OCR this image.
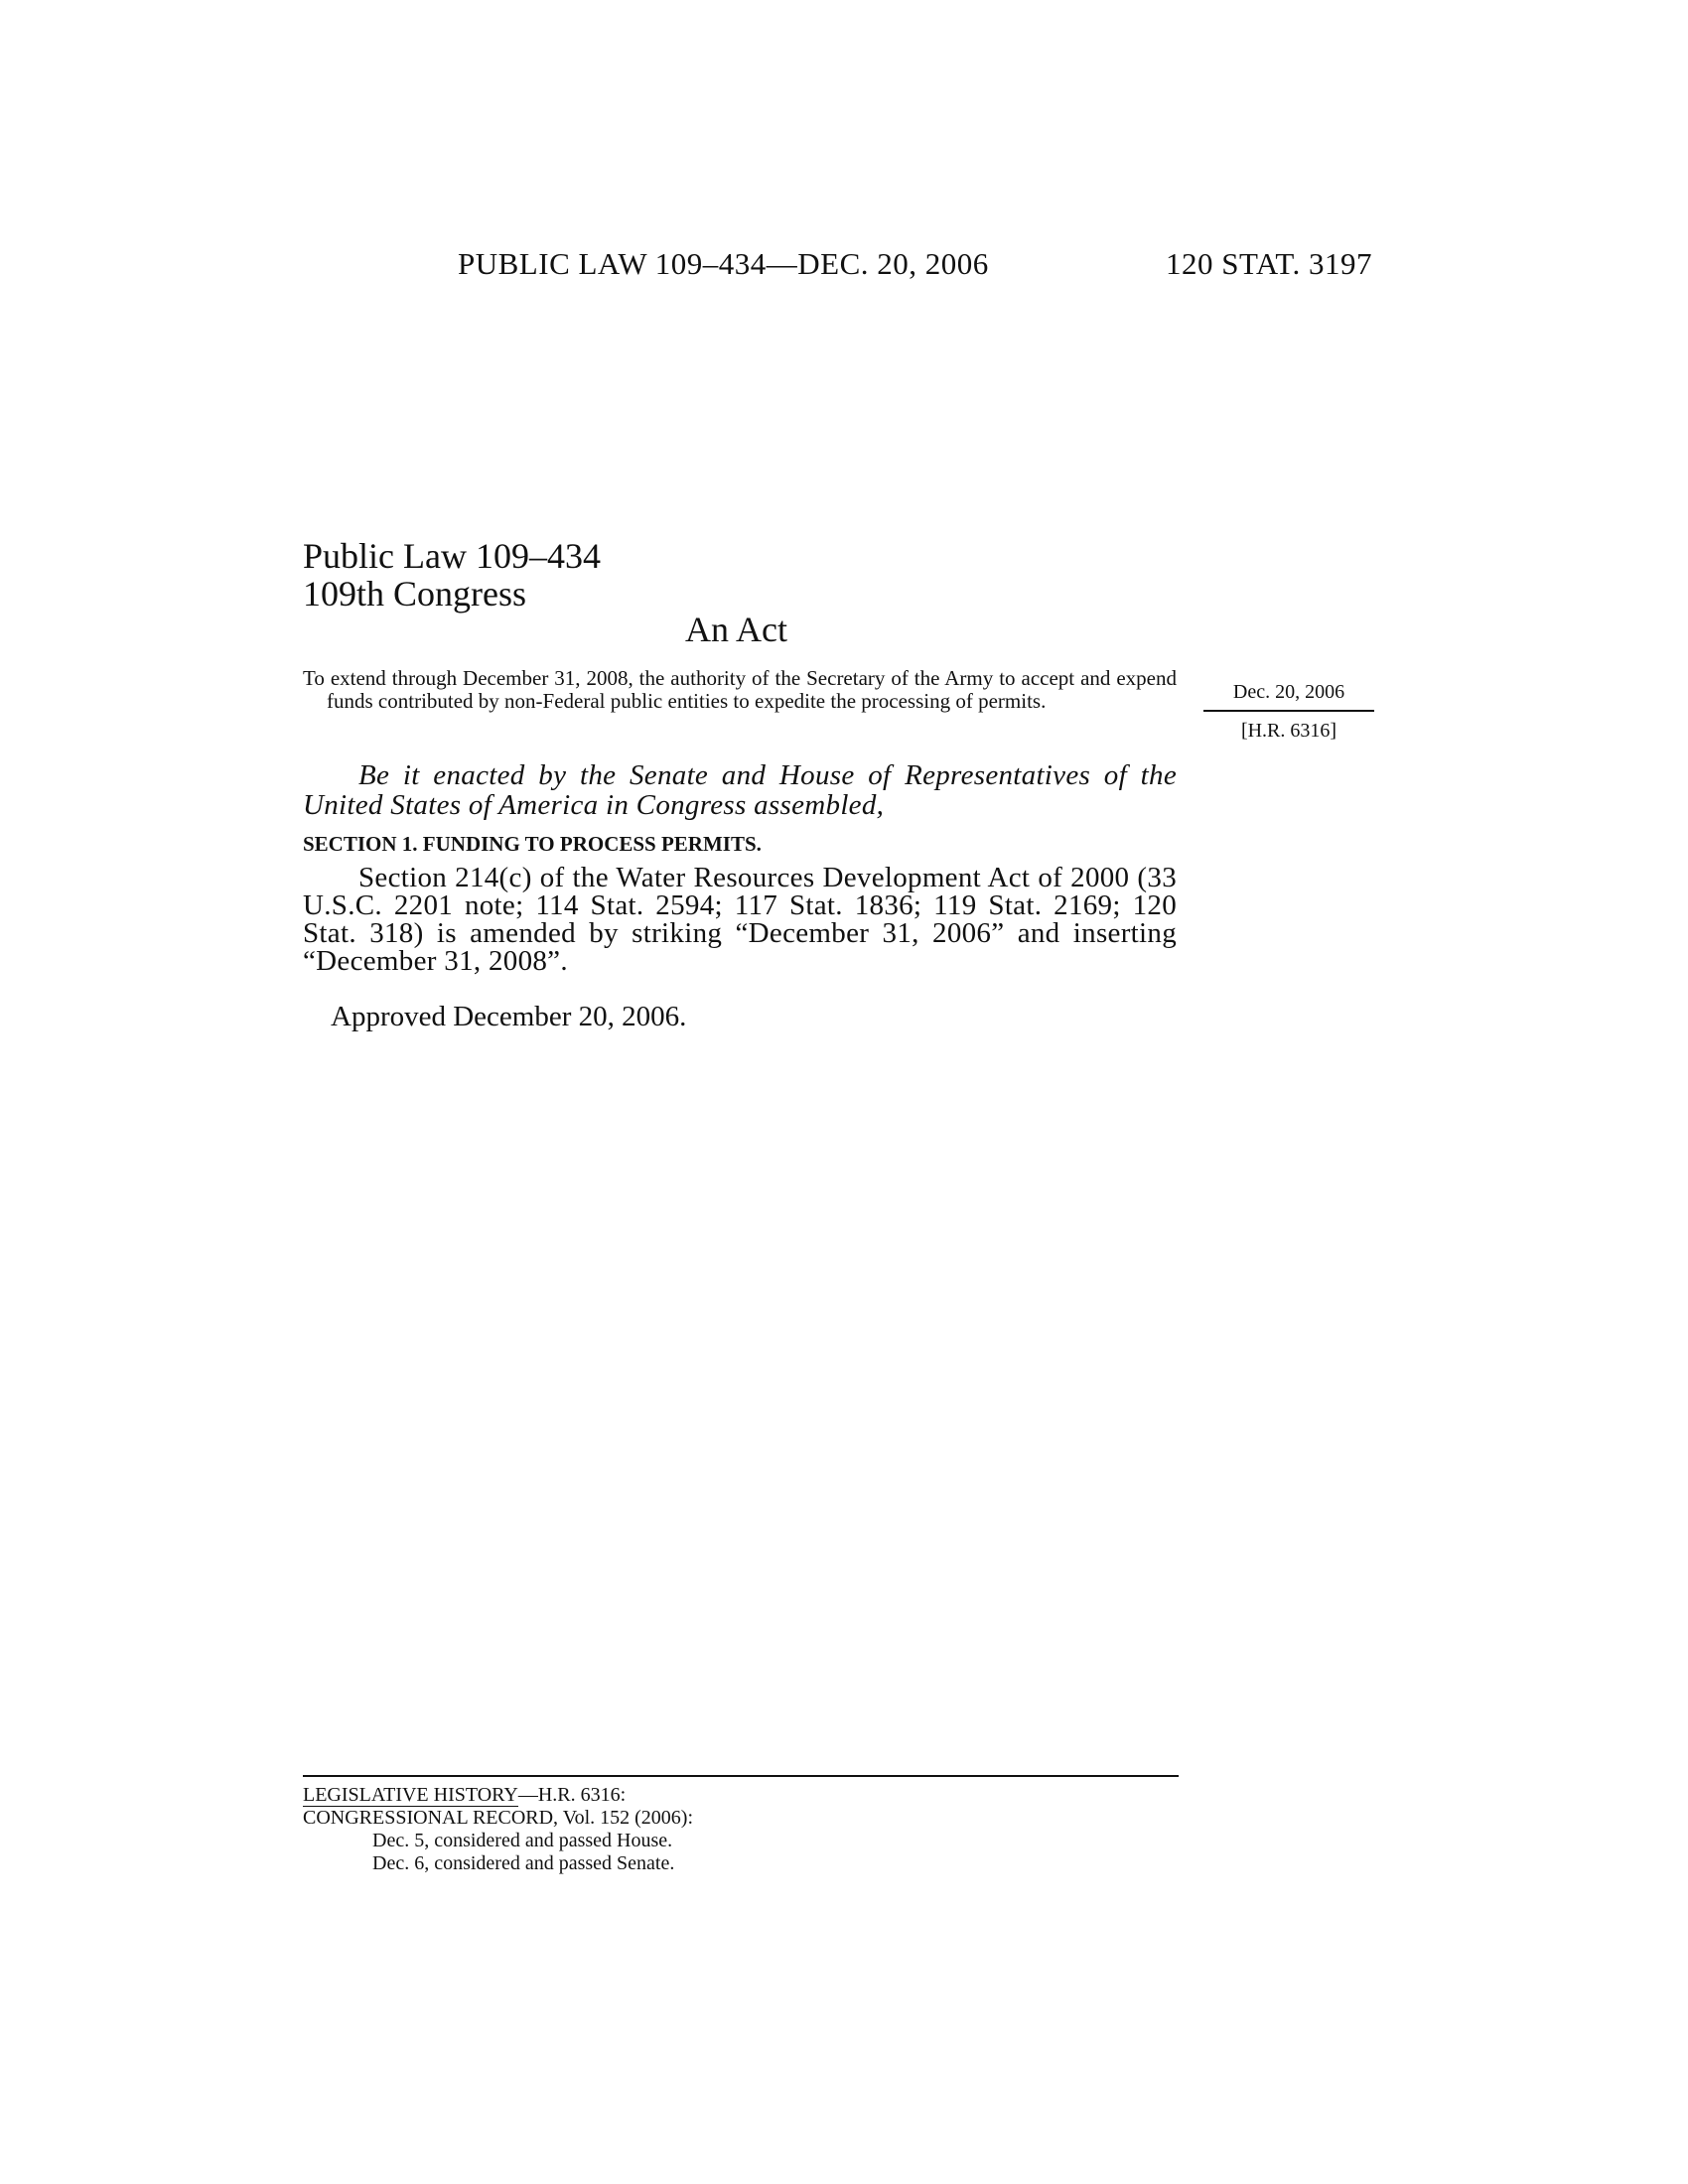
PUBLIC LAW 109–434—DEC. 20, 2006	120 STAT. 3197
Public Law 109–434
109th Congress
An Act
To extend through December 31, 2008, the authority of the Secretary of the Army to accept and expend funds contributed by non-Federal public entities to expedite the processing of permits.	Dec. 20, 2006
[H.R. 6316]
Be it enacted by the Senate and House of Representatives of the United States of America in Congress assembled,
SECTION 1. FUNDING TO PROCESS PERMITS.
Section 214(c) of the Water Resources Development Act of 2000 (33 U.S.C. 2201 note; 114 Stat. 2594; 117 Stat. 1836; 119 Stat. 2169; 120 Stat. 318) is amended by striking “December 31, 2006” and inserting “December 31, 2008”.
Approved December 20, 2006.
LEGISLATIVE HISTORY—H.R. 6316:
CONGRESSIONAL RECORD, Vol. 152 (2006):
Dec. 5, considered and passed House.
Dec. 6, considered and passed Senate.
